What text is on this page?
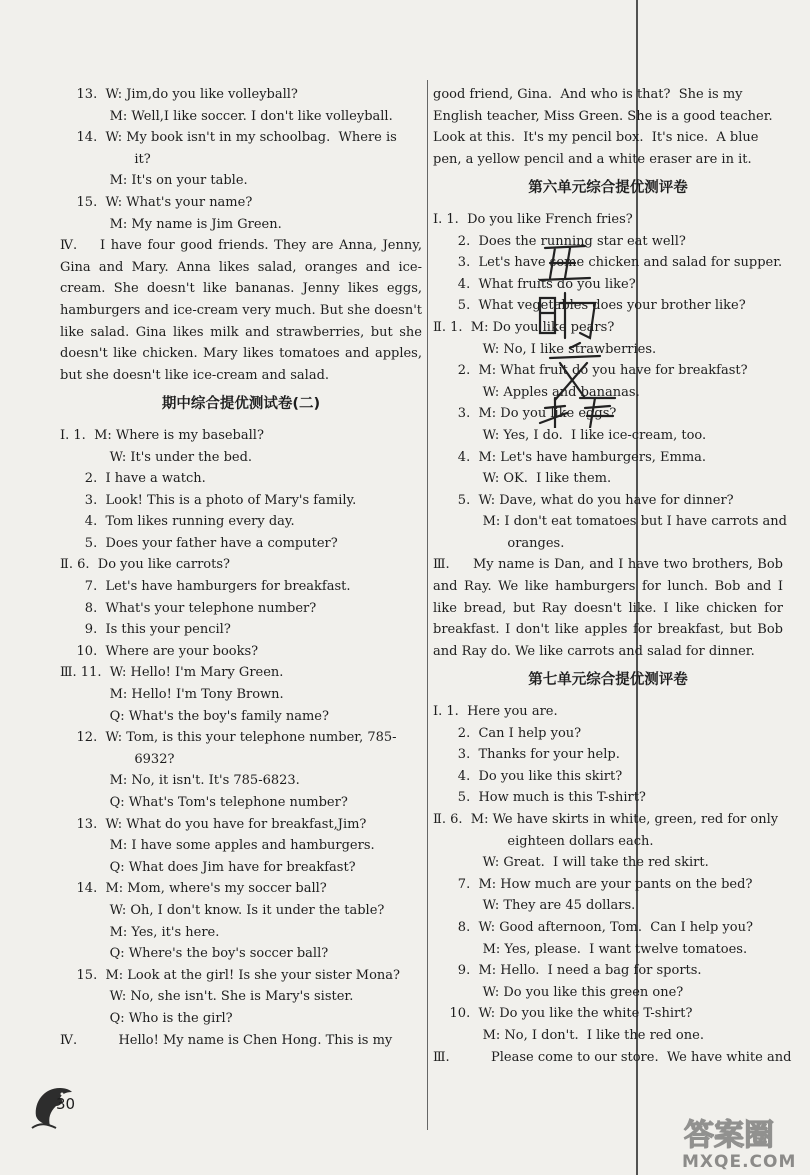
13.  W: Jim,do you like volleyball?
M: Well,I like soccer. I don't like volleyball.
14.  W: My book isn't in my schoolbag.  Where is
it?
M: It's on your table.
15.  W: What's your name?
M: My name is Jim Green.
Ⅳ. I have four good friends. They are Anna, Jenny, Gina and Mary. Anna likes salad, oranges and ice-cream. She doesn't like bananas. Jenny likes eggs, hamburgers and ice-cream very much. But she doesn't like salad. Gina likes milk and strawberries, but she doesn't like chicken. Mary likes tomatoes and apples, but she doesn't like ice-cream and salad.
期中综合提优测试卷(二)
Ⅰ. 1.  M: Where is my baseball?
W: It's under the bed.
2.  I have a watch.
3.  Look! This is a photo of Mary's family.
4.  Tom likes running every day.
5.  Does your father have a computer?
Ⅱ. 6.  Do you like carrots?
7.  Let's have hamburgers for breakfast.
8.  What's your telephone number?
9.  Is this your pencil?
10.  Where are your books?
Ⅲ. 11.  W: Hello! I'm Mary Green.
M: Hello! I'm Tony Brown.
Q: What's the boy's family name?
12.  W: Tom, is this your telephone number, 785-
6932?
M: No, it isn't. It's 785-6823.
Q: What's Tom's telephone number?
13.  W: What do you have for breakfast,Jim?
M: I have some apples and hamburgers.
Q: What does Jim have for breakfast?
14.  M: Mom, where's my soccer ball?
W: Oh, I don't know. Is it under the table?
M: Yes, it's here.
Q: Where's the boy's soccer ball?
15.  M: Look at the girl! Is she your sister Mona?
W: No, she isn't. She is Mary's sister.
Q: Who is the girl?
Ⅳ.          Hello! My name is Chen Hong. This is my
good friend, Gina.  And who is that?  She is my
English teacher, Miss Green. She is a good teacher.
Look at this.  It's my pencil box.  It's nice.  A blue
pen, a yellow pencil and a white eraser are in it.
第六单元综合提优测评卷
Ⅰ. 1.  Do you like French fries?
2.  Does the running star eat well?
3.  Let's have some chicken and salad for supper.
4.  What fruits do you like?
5.  What vegetables does your brother like?
Ⅱ. 1.  M: Do you like pears?
W: No, I like strawberries.
2.  M: What fruit do you have for breakfast?
W: Apples and bananas.
3.  M: Do you like eggs?
W: Yes, I do.  I like ice-cream, too.
4.  M: Let's have hamburgers, Emma.
W: OK.  I like them.
5.  W: Dave, what do you have for dinner?
M: I don't eat tomatoes but I have carrots and
oranges.
Ⅲ. My name is Dan, and I have two brothers, Bob and Ray. We like hamburgers for lunch. Bob and I like bread, but Ray doesn't like. I like chicken for breakfast. I don't like apples for breakfast, but Bob and Ray do. We like carrots and salad for dinner.
第七单元综合提优测评卷
Ⅰ. 1.  Here you are.
2.  Can I help you?
3.  Thanks for your help.
4.  Do you like this skirt?
5.  How much is this T-shirt?
Ⅱ. 6.  M: We have skirts in white, green, red for only
eighteen dollars each.
W: Great.  I will take the red skirt.
7.  M: How much are your pants on the bed?
W: They are 45 dollars.
8.  W: Good afternoon, Tom.  Can I help you?
M: Yes, please.  I want twelve tomatoes.
9.  M: Hello.  I need a bag for sports.
W: Do you like this green one?
10.  W: Do you like the white T-shirt?
M: No, I don't.  I like the red one.
Ⅲ.          Please come to our store.  We have white and
30
答案圈
MXQE.COM
